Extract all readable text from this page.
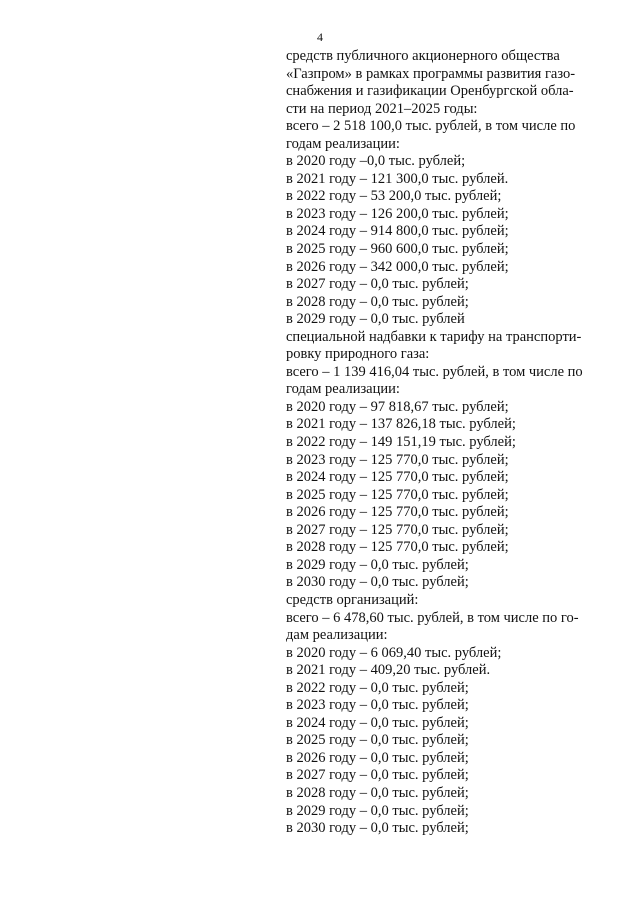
4
средств публичного акционерного общества
«Газпром» в рамках программы развития газо-
снабжения и газификации Оренбургской обла-
сти на период 2021–2025 годы:
всего – 2 518 100,0 тыс. рублей, в том числе по
годам реализации:
в 2020 году –0,0 тыс. рублей;
в 2021 году – 121 300,0 тыс. рублей.
в 2022 году – 53 200,0 тыс. рублей;
в 2023 году – 126 200,0 тыс. рублей;
в 2024 году – 914 800,0 тыс. рублей;
в 2025 году – 960 600,0 тыс. рублей;
в 2026 году – 342 000,0 тыс. рублей;
в 2027 году – 0,0 тыс. рублей;
в 2028 году – 0,0 тыс. рублей;
в 2029 году – 0,0 тыс. рублей
специальной надбавки к тарифу на транспорти-
ровку природного газа:
всего – 1 139 416,04 тыс. рублей, в том числе по
годам реализации:
в 2020 году – 97 818,67 тыс. рублей;
в 2021 году – 137 826,18 тыс. рублей;
в 2022 году – 149 151,19 тыс. рублей;
в 2023 году – 125 770,0 тыс. рублей;
в 2024 году – 125 770,0 тыс. рублей;
в 2025 году – 125 770,0 тыс. рублей;
в 2026 году – 125 770,0 тыс. рублей;
в 2027 году – 125 770,0 тыс. рублей;
в 2028 году – 125 770,0 тыс. рублей;
в 2029 году – 0,0 тыс. рублей;
в 2030 году – 0,0 тыс. рублей;
средств организаций:
всего – 6 478,60 тыс. рублей, в том числе по го-
дам реализации:
в 2020 году – 6 069,40 тыс. рублей;
в 2021 году – 409,20 тыс. рублей.
в 2022 году – 0,0 тыс. рублей;
в 2023 году – 0,0 тыс. рублей;
в 2024 году – 0,0 тыс. рублей;
в 2025 году – 0,0 тыс. рублей;
в 2026 году – 0,0 тыс. рублей;
в 2027 году – 0,0 тыс. рублей;
в 2028 году – 0,0 тыс. рублей;
в 2029 году – 0,0 тыс. рублей;
в 2030 году – 0,0 тыс. рублей;
